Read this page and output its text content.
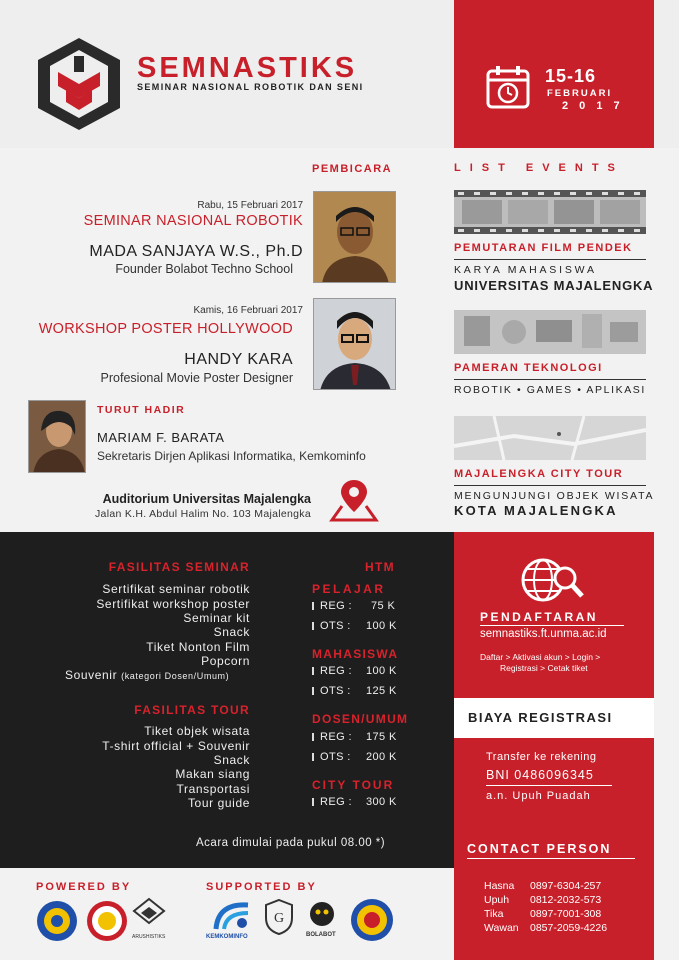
SEMNASTIKS
SEMINAR NASIONAL ROBOTIK DAN SENI
15-16
FEBRUARI
2 0 1 7
PEMBICARA
Rabu, 15 Februari 2017
SEMINAR NASIONAL ROBOTIK
MADA SANJAYA W.S., Ph.D
Founder Bolabot Techno School
Kamis, 16 Februari 2017
WORKSHOP POSTER HOLLYWOOD
HANDY KARA
Profesional Movie Poster Designer
TURUT HADIR
MARIAM F. BARATA
Sekretaris Dirjen Aplikasi Informatika, Kemkominfo
Auditorium Universitas Majalengka
Jalan K.H. Abdul Halim No. 103 Majalengka
LIST EVENTS
PEMUTARAN FILM PENDEK
KARYA MAHASISWA
UNIVERSITAS MAJALENGKA
PAMERAN TEKNOLOGI
ROBOTIK • GAMES • APLIKASI
MAJALENGKA CITY TOUR
MENGUNJUNGI OBJEK WISATA
KOTA MAJALENGKA
FASILITAS SEMINAR
Sertifikat seminar robotik
Sertifikat workshop poster
Seminar kit
Snack
Tiket Nonton Film
Popcorn
Souvenir (kategori Dosen/Umum)
FASILITAS TOUR
Tiket objek wisata
T-shirt official + Souvenir
Snack
Makan siang
Transportasi
Tour guide
HTM
PELAJAR
REG : 75 K
OTS : 100 K
MAHASISWA
REG : 100 K
OTS : 125 K
DOSEN/UMUM
REG : 175 K
OTS : 200 K
CITY TOUR
REG : 300 K
Acara dimulai pada pukul 08.00 *)
PENDAFTARAN
semnastiks.ft.unma.ac.id
Daftar > Aktivasi akun > Login >
Registrasi > Cetak tiket
BIAYA REGISTRASI
Transfer ke rekening
BNI 0486096345
a.n. Upuh Puadah
CONTACT PERSON
Hasna 0897-6304-257
Upuh 0812-2032-573
Tika	0897-7001-308
Wawan 0857-2059-4226
POWERED BY	SUPPORTED BY
ARUSHISTIKS	KEMKOMINFO
G
BOLABOT
